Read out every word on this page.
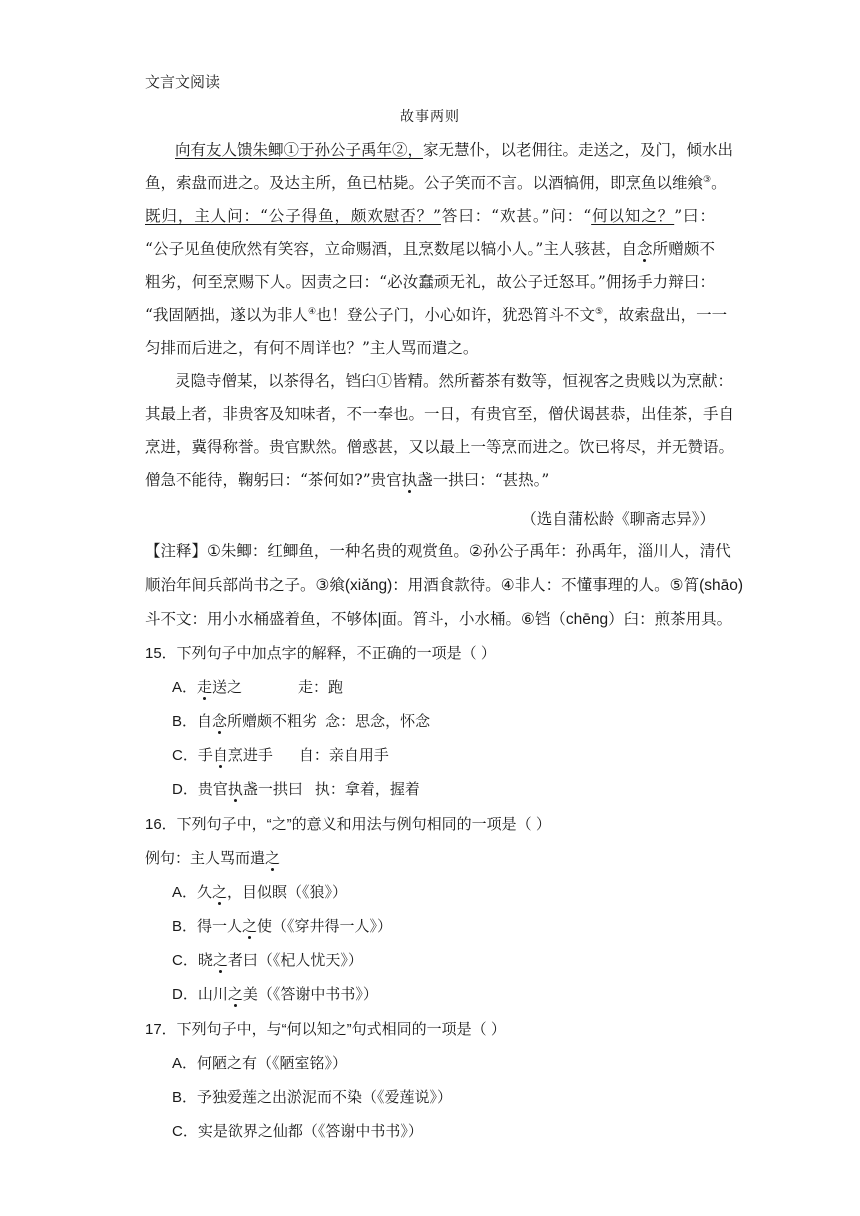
文言文阅读
故事两则
向有友人馈朱鲫①于孙公子禹年②，家无慧仆，以老佣往。走送之，及门，倾水出
鱼，索盘而进之。及达主所，鱼已枯毙。公子笑而不言。以酒犒佣，即烹鱼以维飨③。
既归，主人问：“公子得鱼，颇欢慰否？”答曰：“欢甚。”问：“何以知之？”曰：
“公子见鱼使欣然有笑容，立命赐酒，且烹数尾以犒小人。”主人骇甚，自念所赠颇不
粗劣，何至烹赐下人。因责之曰：“必汝蠢顽无礼，故公子迁怒耳。”佣扬手力辩曰：
“我固陋拙，遂以为非人④也！登公子门，小心如许，犹恐筲斗不文⑤，故索盘出，一一
匀排而后进之，有何不周详也？”主人骂而遣之。
灵隐寺僧某，以茶得名，铛臼①皆精。然所蓄茶有数等，恒视客之贵贱以为烹献：
其最上者，非贵客及知味者，不一奉也。一日，有贵官至，僧伏谒甚恭，出佳茶，手自
烹进，冀得称誉。贵官默然。僧惑甚，又以最上一等烹而进之。饮已将尽，并无赞语。
僧急不能待，鞠躬曰：“茶何如?”贵官执盏一拱曰：“甚热。”
（选自蒲松龄《聊斋志异》）
【注释】①朱鲫：红鲫鱼，一种名贵的观赏鱼。②孙公子禹年：孙禹年，淄川人，清代
顺治年间兵部尚书之子。③飨(xiǎng)：用酒食款待。④非人：不懂事理的人。⑤筲(shāo)
斗不文：用小水桶盛着鱼，不够体|面。筲斗，小水桶。⑥铛（chēng）臼：煎茶用具。
15．下列句子中加点字的解释，不正确的一项是（ ）
A．走送之	走：跑
B．自念所赠颇不粗劣 念：思念，怀念
C．手自烹进手 自：亲自用手
D．贵官执盏一拱曰 执：拿着，握着
16．下列句子中，“之”的意义和用法与例句相同的一项是（ ）
例句：主人骂而遣之
A．久之，目似瞑（《狼》）
B．得一人之使（《穿井得一人》）
C．晓之者曰（《杞人忧天》）
D．山川之美（《答谢中书书》）
17．下列句子中，与“何以知之”句式相同的一项是（ ）
A．何陋之有（《陋室铭》）
B．予独爱莲之出淤泥而不染（《爱莲说》）
C．实是欲界之仙都（《答谢中书书》）
